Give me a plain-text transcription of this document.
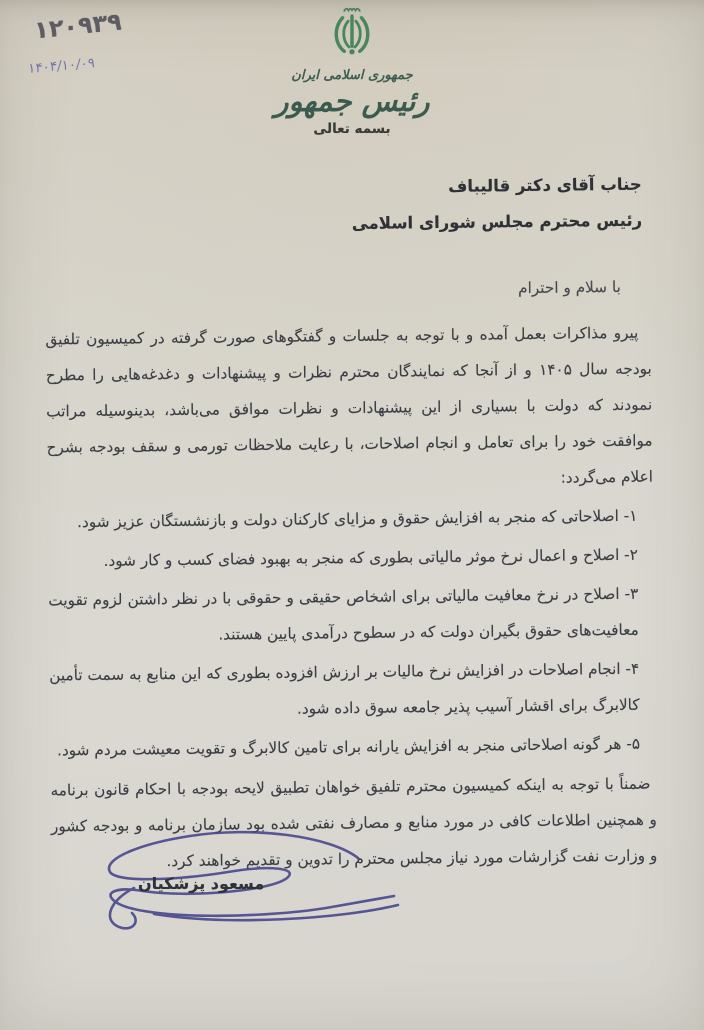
۱۲۰۹۳۹
۱۴۰۴/۱۰/۰۹	جمهوری اسلامی ایران
رئیس جمهور
بسمه تعالی
جناب آقای دکتر قالیباف
رئیس محترم مجلس شورای اسلامی
با سلام و احترام

پیرو مذاکرات بعمل آمده و با توجه به جلسات و گفتگوهای صورت گرفته در کمیسیون تلفیق بودجه سال ۱۴۰۵ و از آنجا که نمایندگان محترم نظرات و پیشنهادات و دغدغه‌هایی را مطرح نمودند که دولت با بسیاری از این پیشنهادات و نظرات موافق می‌باشد، بدینوسیله مراتب موافقت خود را برای تعامل و انجام اصلاحات، با رعایت ملاحظات تورمی و سقف بودجه بشرح اعلام می‌گردد:

۱- اصلاحاتی که منجر به افزایش حقوق و مزایای کارکنان دولت و بازنشستگان عزیز شود.

۲- اصلاح و اعمال نرخ موثر مالیاتی بطوری که منجر به بهبود فضای کسب و کار شود.

۳- اصلاح در نرخ معافیت مالیاتی برای اشخاص حقیقی و حقوقی با در نظر داشتن لزوم تقویت معافیت‌های حقوق بگیران دولت که در سطوح درآمدی پایین هستند.

۴- انجام اصلاحات در افزایش نرخ مالیات بر ارزش افزوده بطوری که این منابع به سمت تأمین کالابرگ برای اقشار آسیب پذیر جامعه سوق داده شود.

۵- هر گونه اصلاحاتی منجر به افزایش یارانه برای تامین کالابرگ و تقویت معیشت مردم شود.

ضمناً با توجه به اینکه کمیسیون محترم تلفیق خواهان تطبیق لایحه بودجه با احکام قانون برنامه و همچنین اطلاعات کافی در مورد منابع و مصارف نفتی شده بود سازمان برنامه و بودجه کشور و وزارت نفت گزارشات مورد نیاز مجلس محترم را تدوین و تقدیم خواهند کرد.

مسعود پزشکیان
